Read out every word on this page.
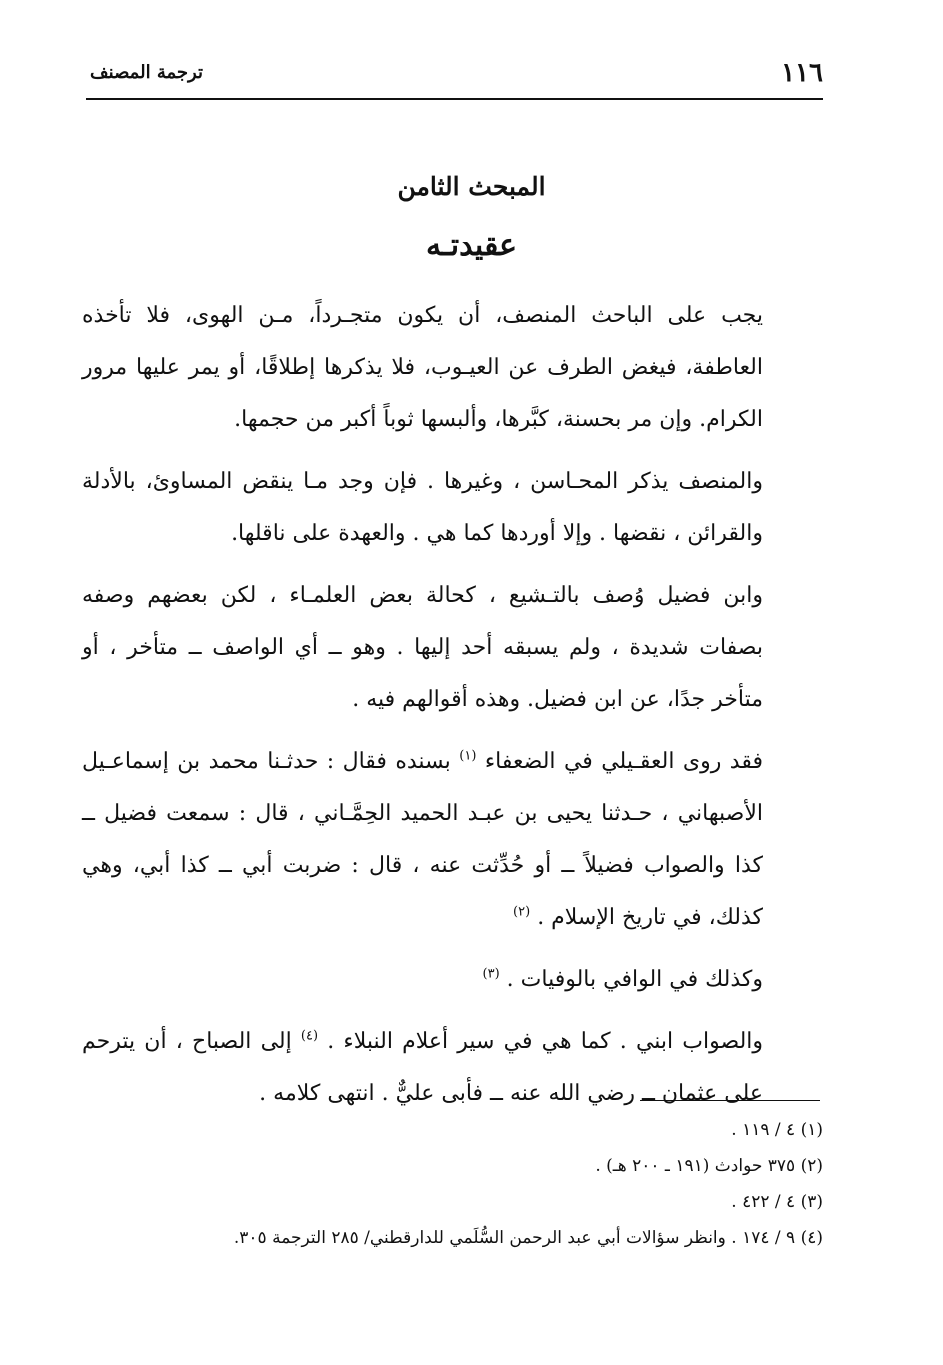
١١٦
ترجمة المصنف
المبحث الثامن
عقيدتـه

يجب على الباحث المنصف، أن يكون متجـرداً، مـن الهوى، فلا تأخذه العاطفة، فيغض الطرف عن العيـوب، فلا يذكرها إطلاقًا، أو يمر عليها مرور الكرام. وإن مر بحسنة، كبَّرها، وألبسها ثوباً أكبر من حجمها.

والمنصف يذكر المحـاسن ، وغيرها . فإن وجد مـا ينقض المساوئ، بالأدلة والقرائن ، نقضها . وإلا أوردها كما هي . والعهدة على ناقلها.

وابن فضيل وُصف بالتـشيع ، كحالة بعض العلمـاء ، لكن بعضهم وصفه بصفات شديدة ، ولم يسبقه أحد إليها . وهو ــ أي الواصف ــ متأخر ، أو متأخر جدًا، عن ابن فضيل. وهذه أقوالهم فيه .

فقد روى العقـيلي في الضعفاء $^{(١)}$ بسنده فقال : حدثـنا محمد بن إسماعـيل الأصبهاني ، حـدثنا يحيى بن عبـد الحميد الحِمَّـاني ، قال : سمعت فضيل ــ كذا والصواب فضيلاً ــ أو حُدِّثت عنه ، قال : ضربت أبي ــ كذا أبي، وهي كذلك، في تاريخ الإسلام . $^{(٢)}$

وكذلك في الوافي بالوفيات . $^{(٣)}$

والصواب ابني . كما هي في سير أعلام النبلاء . $^{(٤)}$ إلى الصباح ، أن يترحم على عثمان ــ رضي الله عنه ــ فأبى عليٌّ . انتهى كلامه .

(١) ٤ / ١١٩ .

(٢) ٣٧٥ حوادث (١٩١ ـ ٢٠٠ هـ) .

(٣) ٤ / ٤٢٢ .

(٤) ٩ / ١٧٤ . وانظر سؤالات أبي عبد الرحمن السُّلَمي للدارقطني/ ٢٨٥ الترجمة ٣٠٥.
